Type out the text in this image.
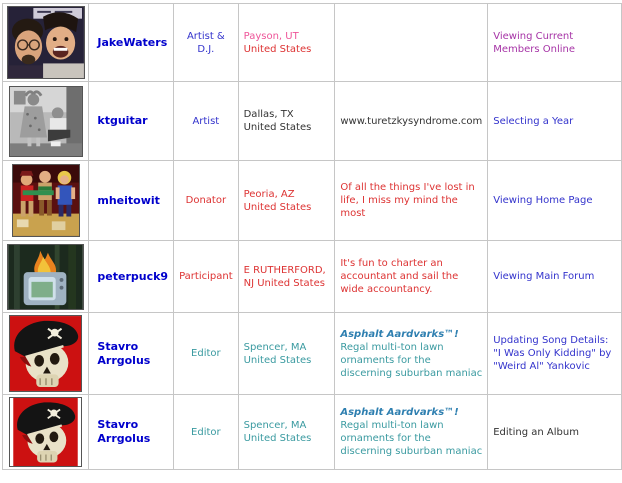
	JakeWaters	Artist & D.J.	Payson, UT United States		Viewing Current Members Online
	ktguitar	Artist	Dallas, TX United States	www.turetzkysyndrome.com	Selecting a Year
	mheitowit	Donator	Peoria, AZ United States	Of all the things I've lost in life, I miss my mind the most	Viewing Home Page
	peterpuck9	Participant	E RUTHERFORD, NJ United States	It's fun to charter an accountant and sail the wide accountancy.	Viewing Main Forum
	Stavro Arrgolus	Editor	Spencer, MA United States	Asphalt Aardvarks™!
Regal multi-ton lawn ornaments for the discerning suburban maniac	Updating Song Details: "I Was Only Kidding" by "Weird Al" Yankovic
	Stavro Arrgolus	Editor	Spencer, MA United States	Asphalt Aardvarks™!
Regal multi-ton lawn ornaments for the discerning suburban maniac	Editing an Album
